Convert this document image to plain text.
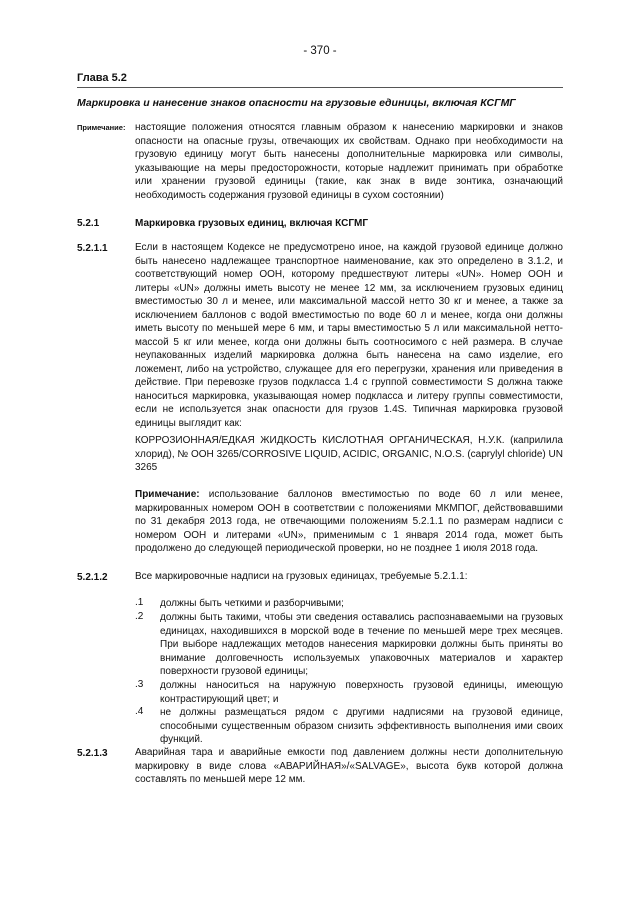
- 370 -
Глава 5.2
Маркировка и нанесение знаков опасности на грузовые единицы, включая КСГМГ
Примечание: настоящие положения относятся главным образом к нанесению маркировки и знаков опасности на опасные грузы, отвечающих их свойствам. Однако при необходимости на грузовую единицу могут быть нанесены дополнительные маркировка или символы, указывающие на меры предосторожности, которые надлежит принимать при обработке или хранении грузовой единицы (такие, как знак в виде зонтика, означающий необходимость содержания грузовой единицы в сухом состоянии)
5.2.1	Маркировка грузовых единиц, включая КСГМГ
5.2.1.1	Если в настоящем Кодексе не предусмотрено иное, на каждой грузовой единице должно быть нанесено надлежащее транспортное наименование, как это определено в 3.1.2, и соответствующий номер ООН, которому предшествуют литеры «UN». Номер ООН и литеры «UN» должны иметь высоту не менее 12 мм, за исключением грузовых единиц вместимостью 30 л и менее, или максимальной массой нетто 30 кг и менее, а также за исключением баллонов с водой вместимостью по воде 60 л и менее, когда они должны иметь высоту по меньшей мере 6 мм, и тары вместимостью 5 л или максимальной нетто-массой 5 кг или менее, когда они должны быть соотносимого с ней размера. В случае неупакованных изделий маркировка должна быть нанесена на само изделие, его ложемент, либо на устройство, служащее для его перегрузки, хранения или приведения в действие. При перевозке грузов подкласса 1.4 с группой совместимости S должна также наноситься маркировка, указывающая номер подкласса и литеру группы совместимости, если не используется знак опасности для грузов 1.4S. Типичная маркировка грузовой единицы выглядит как:
КОРРОЗИОННАЯ/ЕДКАЯ ЖИДКОСТЬ КИСЛОТНАЯ ОРГАНИЧЕСКАЯ, Н.У.К. (каприлила хлорид), № ООН 3265/CORROSIVE LIQUID, ACIDIC, ORGANIC, N.O.S. (caprylyl chloride) UN 3265
Примечание: использование баллонов вместимостью по воде 60 л или менее, маркированных номером ООН в соответствии с положениями МКМПОГ, действовавшими по 31 декабря 2013 года, не отвечающими положениям 5.2.1.1 по размерам надписи с номером ООН и литерами «UN», применимым с 1 января 2014 года, может быть продолжено до следующей периодической проверки, но не позднее 1 июля 2018 года.
5.2.1.2	Все маркировочные надписи на грузовых единицах, требуемые 5.2.1.1:
.1 должны быть четкими и разборчивыми;
.2 должны быть такими, чтобы эти сведения оставались распознаваемыми на грузовых единицах, находившихся в морской воде в течение по меньшей мере трех месяцев. При выборе надлежащих методов нанесения маркировки должны быть приняты во внимание долговечность используемых упаковочных материалов и характер поверхности грузовой единицы;
.3 должны наноситься на наружную поверхность грузовой единицы, имеющую контрастирующий цвет; и
.4 не должны размещаться рядом с другими надписями на грузовой единице, способными существенным образом снизить эффективность выполнения ими своих функций.
5.2.1.3	Аварийная тара и аварийные емкости под давлением должны нести дополнительную маркировку в виде слова «АВАРИЙНАЯ»/«SALVAGE», высота букв которой должна составлять по меньшей мере 12 мм.
